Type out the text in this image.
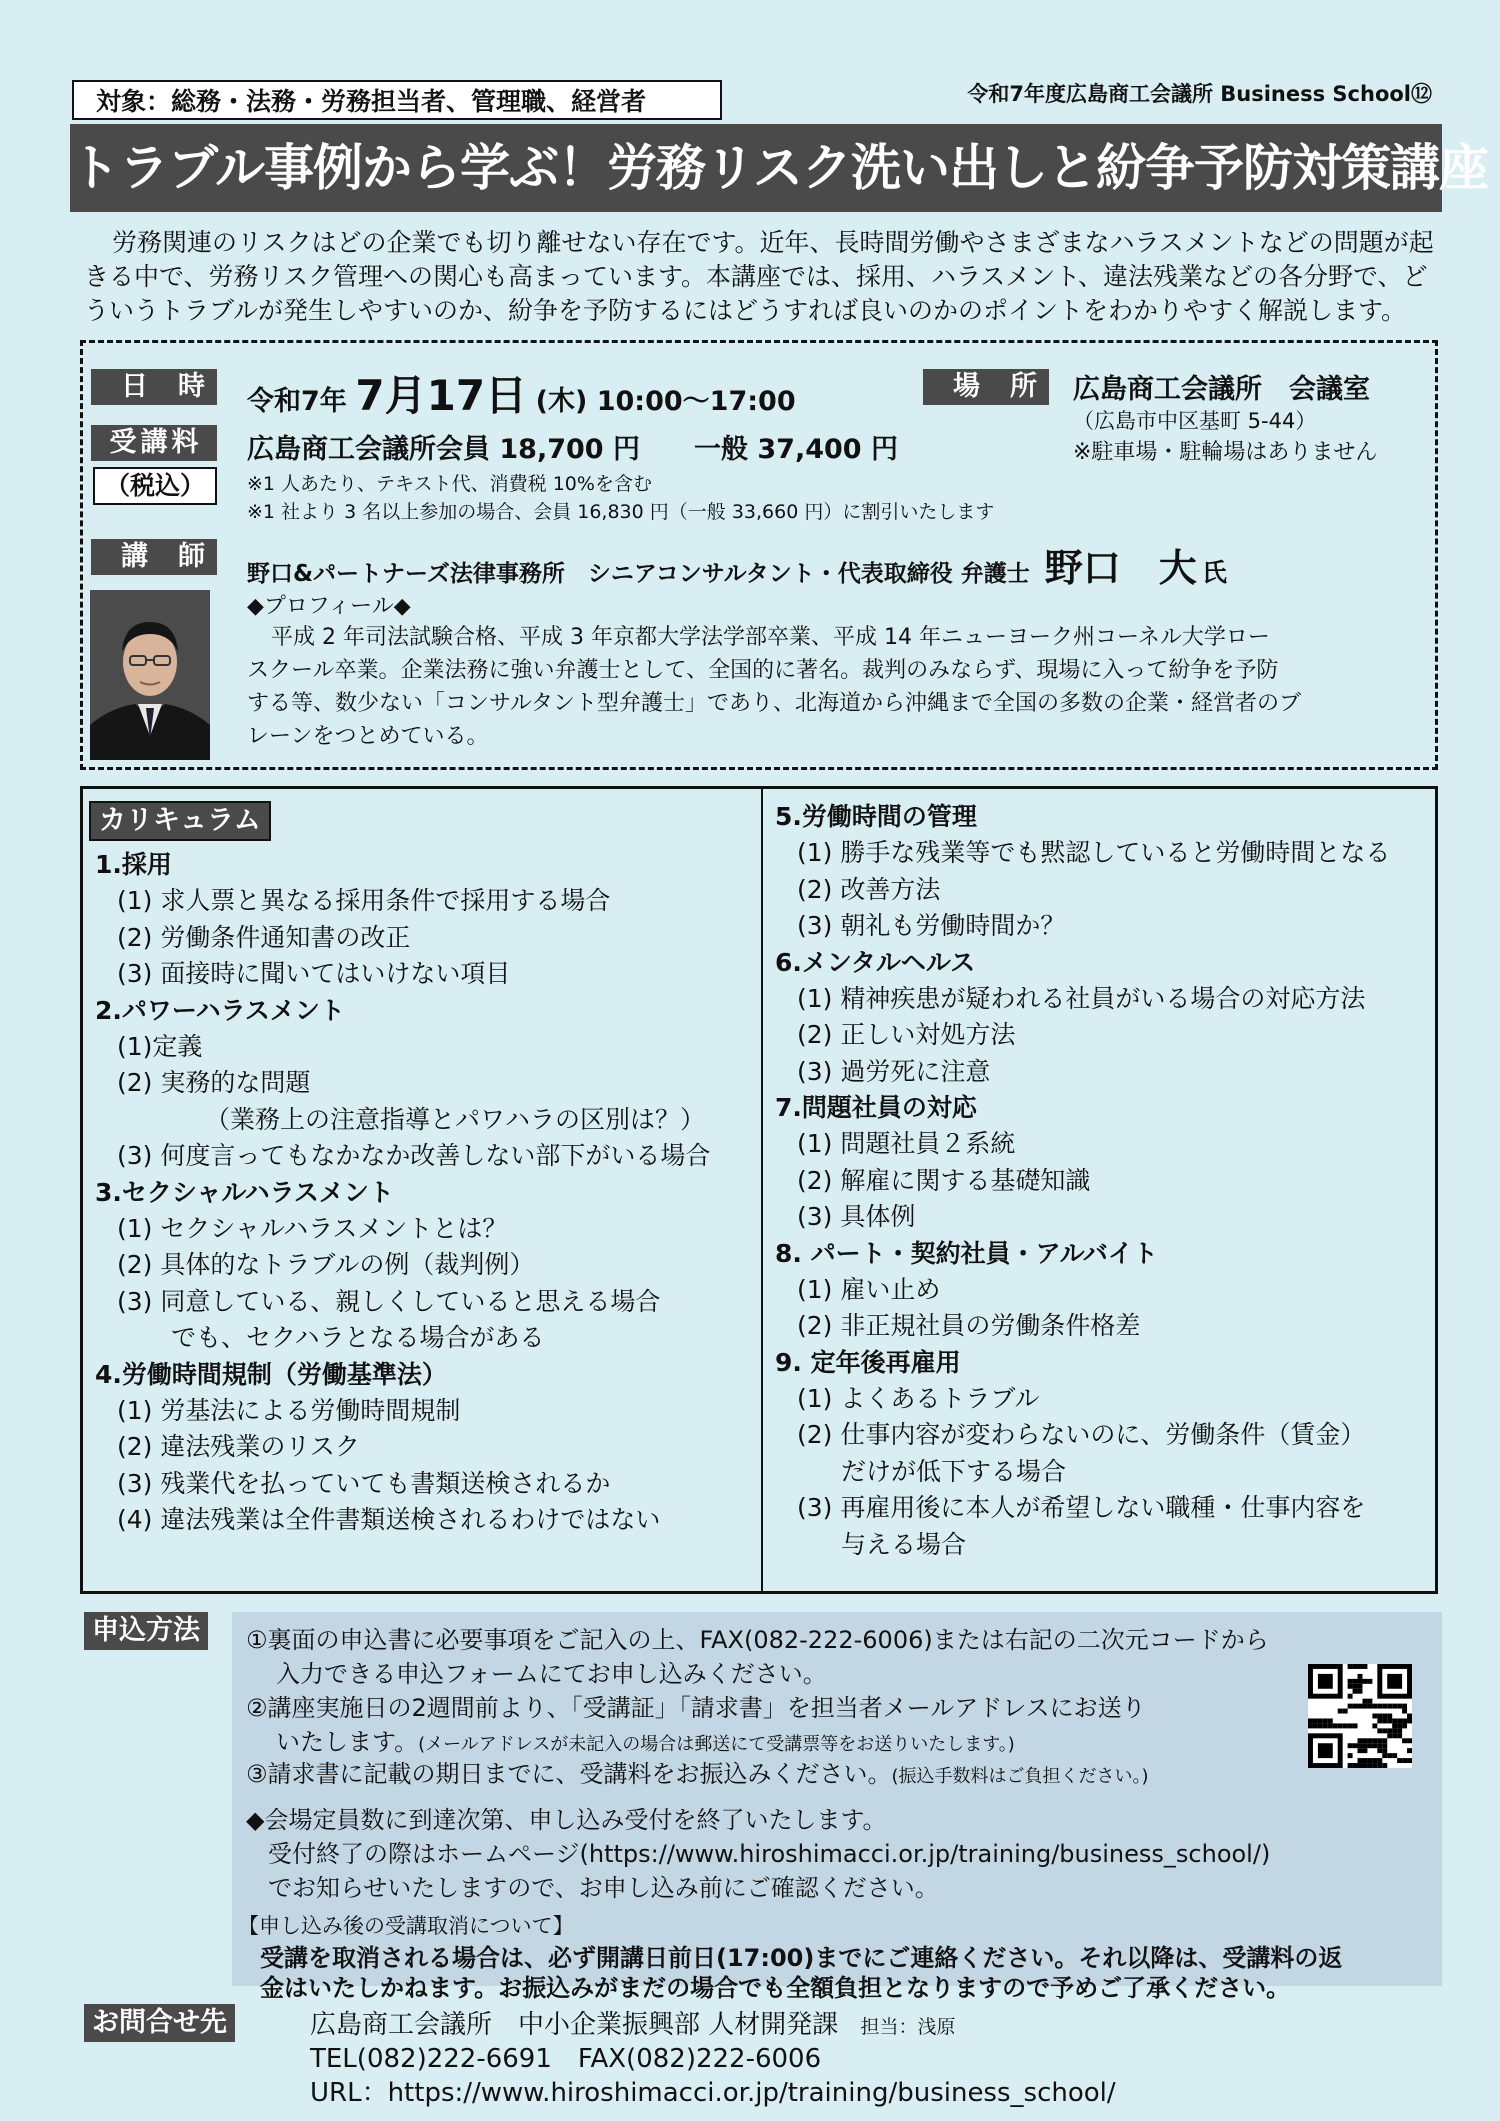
対象：総務・法務・労務担当者、管理職、経営者	令和7年度広島商工会議所 Business School⑫
トラブル事例から学ぶ！労務リスク洗い出しと紛争予防対策講座
労務関連のリスクはどの企業でも切り離せない存在です。近年、長時間労働やさまざまなハラスメントなどの問題が起きる中で、労務リスク管理への関心も高まっています。本講座では、採用、ハラスメント、違法残業などの各分野で、どういうトラブルが発生しやすいのか、紛争を予防するにはどうすれば良いのかのポイントをわかりやすく解説します。
日時 令和7年 7月17日 (木) 10:00〜17:00	場所 広島商工会議所　会議室
（広島市中区基町 5-44）
※駐車場・駐輪場はありません
受講料
（税込）
広島商工会議所会員 18,700 円　　一般 37,400 円
※1 人あたり、テキスト代、消費税 10%を含む
※1 社より 3 名以上参加の場合、会員 16,830 円（一般 33,660 円）に割引いたします
講師
野口&パートナーズ法律事務所　シニアコンサルタント・代表取締役 弁護士 野口　大 氏
◆プロフィール◆
平成 2 年司法試験合格、平成 3 年京都大学法学部卒業、平成 14 年ニューヨーク州コーネル大学ロー
スクール卒業。企業法務に強い弁護士として、全国的に著名。裁判のみならず、現場に入って紛争を予防
する等、数少ない「コンサルタント型弁護士」であり、北海道から沖縄まで全国の多数の企業・経営者のブ
レーンをつとめている。
カリキュラム
1.採用
(1) 求人票と異なる採用条件で採用する場合
(2) 労働条件通知書の改正
(3) 面接時に聞いてはいけない項目
2.パワーハラスメント
(1)定義
(2) 実務的な問題
（業務上の注意指導とパワハラの区別は？）
(3) 何度言ってもなかなか改善しない部下がいる場合
3.セクシャルハラスメント
(1) セクシャルハラスメントとは？
(2) 具体的なトラブルの例（裁判例）
(3) 同意している、親しくしていると思える場合
でも、セクハラとなる場合がある
4.労働時間規制（労働基準法）
(1) 労基法による労働時間規制
(2) 違法残業のリスク
(3) 残業代を払っていても書類送検されるか
(4) 違法残業は全件書類送検されるわけではない
5.労働時間の管理
(1) 勝手な残業等でも黙認していると労働時間となる
(2) 改善方法
(3) 朝礼も労働時間か？
6.メンタルヘルス
(1) 精神疾患が疑われる社員がいる場合の対応方法
(2) 正しい対処方法
(3) 過労死に注意
7.問題社員の対応
(1) 問題社員２系統
(2) 解雇に関する基礎知識
(3) 具体例
8. パート・契約社員・アルバイト
(1) 雇い止め
(2) 非正規社員の労働条件格差
9. 定年後再雇用
(1) よくあるトラブル
(2) 仕事内容が変わらないのに、労働条件（賃金）
だけが低下する場合
(3) 再雇用後に本人が希望しない職種・仕事内容を
与える場合
申込方法	①裏面の申込書に必要事項をご記入の上、FAX(082-222-6006)または右記の二次元コードから
入力できる申込フォームにてお申し込みください。
②講座実施日の2週間前より、「受講証」「請求書」を担当者メールアドレスにお送り
いたします。(メールアドレスが未記入の場合は郵送にて受講票等をお送りいたします。)
③請求書に記載の期日までに、受講料をお振込みください。(振込手数料はご負担ください。)
◆会場定員数に到達次第、申し込み受付を終了いたします。
受付終了の際はホームページ(https://www.hiroshimacci.or.jp/training/business_school/)
でお知らせいたしますので、お申し込み前にご確認ください。
【申し込み後の受講取消について】
受講を取消される場合は、必ず開講日前日(17:00)までにご連絡ください。それ以降は、受講料の返
金はいたしかねます。お振込みがまだの場合でも全額負担となりますので予めご了承ください。
お問合せ先	広島商工会議所　中小企業振興部 人材開発課 担当：浅原
TEL(082)222-6691　FAX(082)222-6006
URL：https://www.hiroshimacci.or.jp/training/business_school/
